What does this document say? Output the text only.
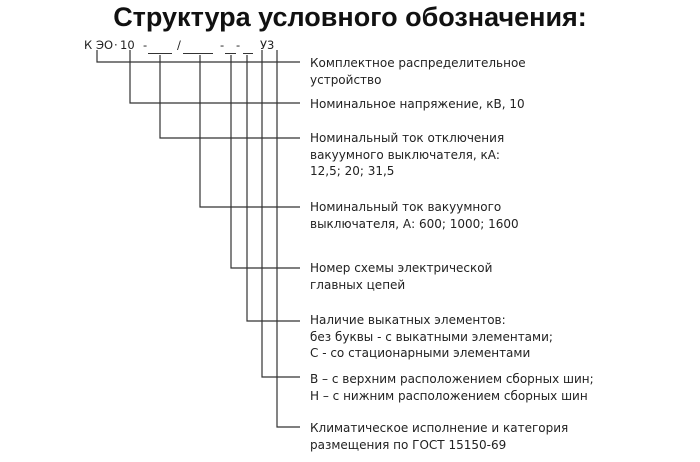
Структура условного обозначения:
К ЭО · 10 -	/	- - У3
Комплектное распределительное
устройство
Номинальное напряжение, кВ, 10
Номинальный ток отключения
вакуумного выключателя, кА:
12,5; 20; 31,5
Номинальный ток вакуумного
выключателя, А: 600; 1000; 1600
Номер схемы электрической
главных цепей
Наличие выкатных элементов:
без буквы - с выкатными элементами;
С - со стационарными элементами
В – с верхним расположением сборных шин;
Н – с нижним расположением сборных шин
Климатическое исполнение и категория
размещения по ГОСТ 15150-69
